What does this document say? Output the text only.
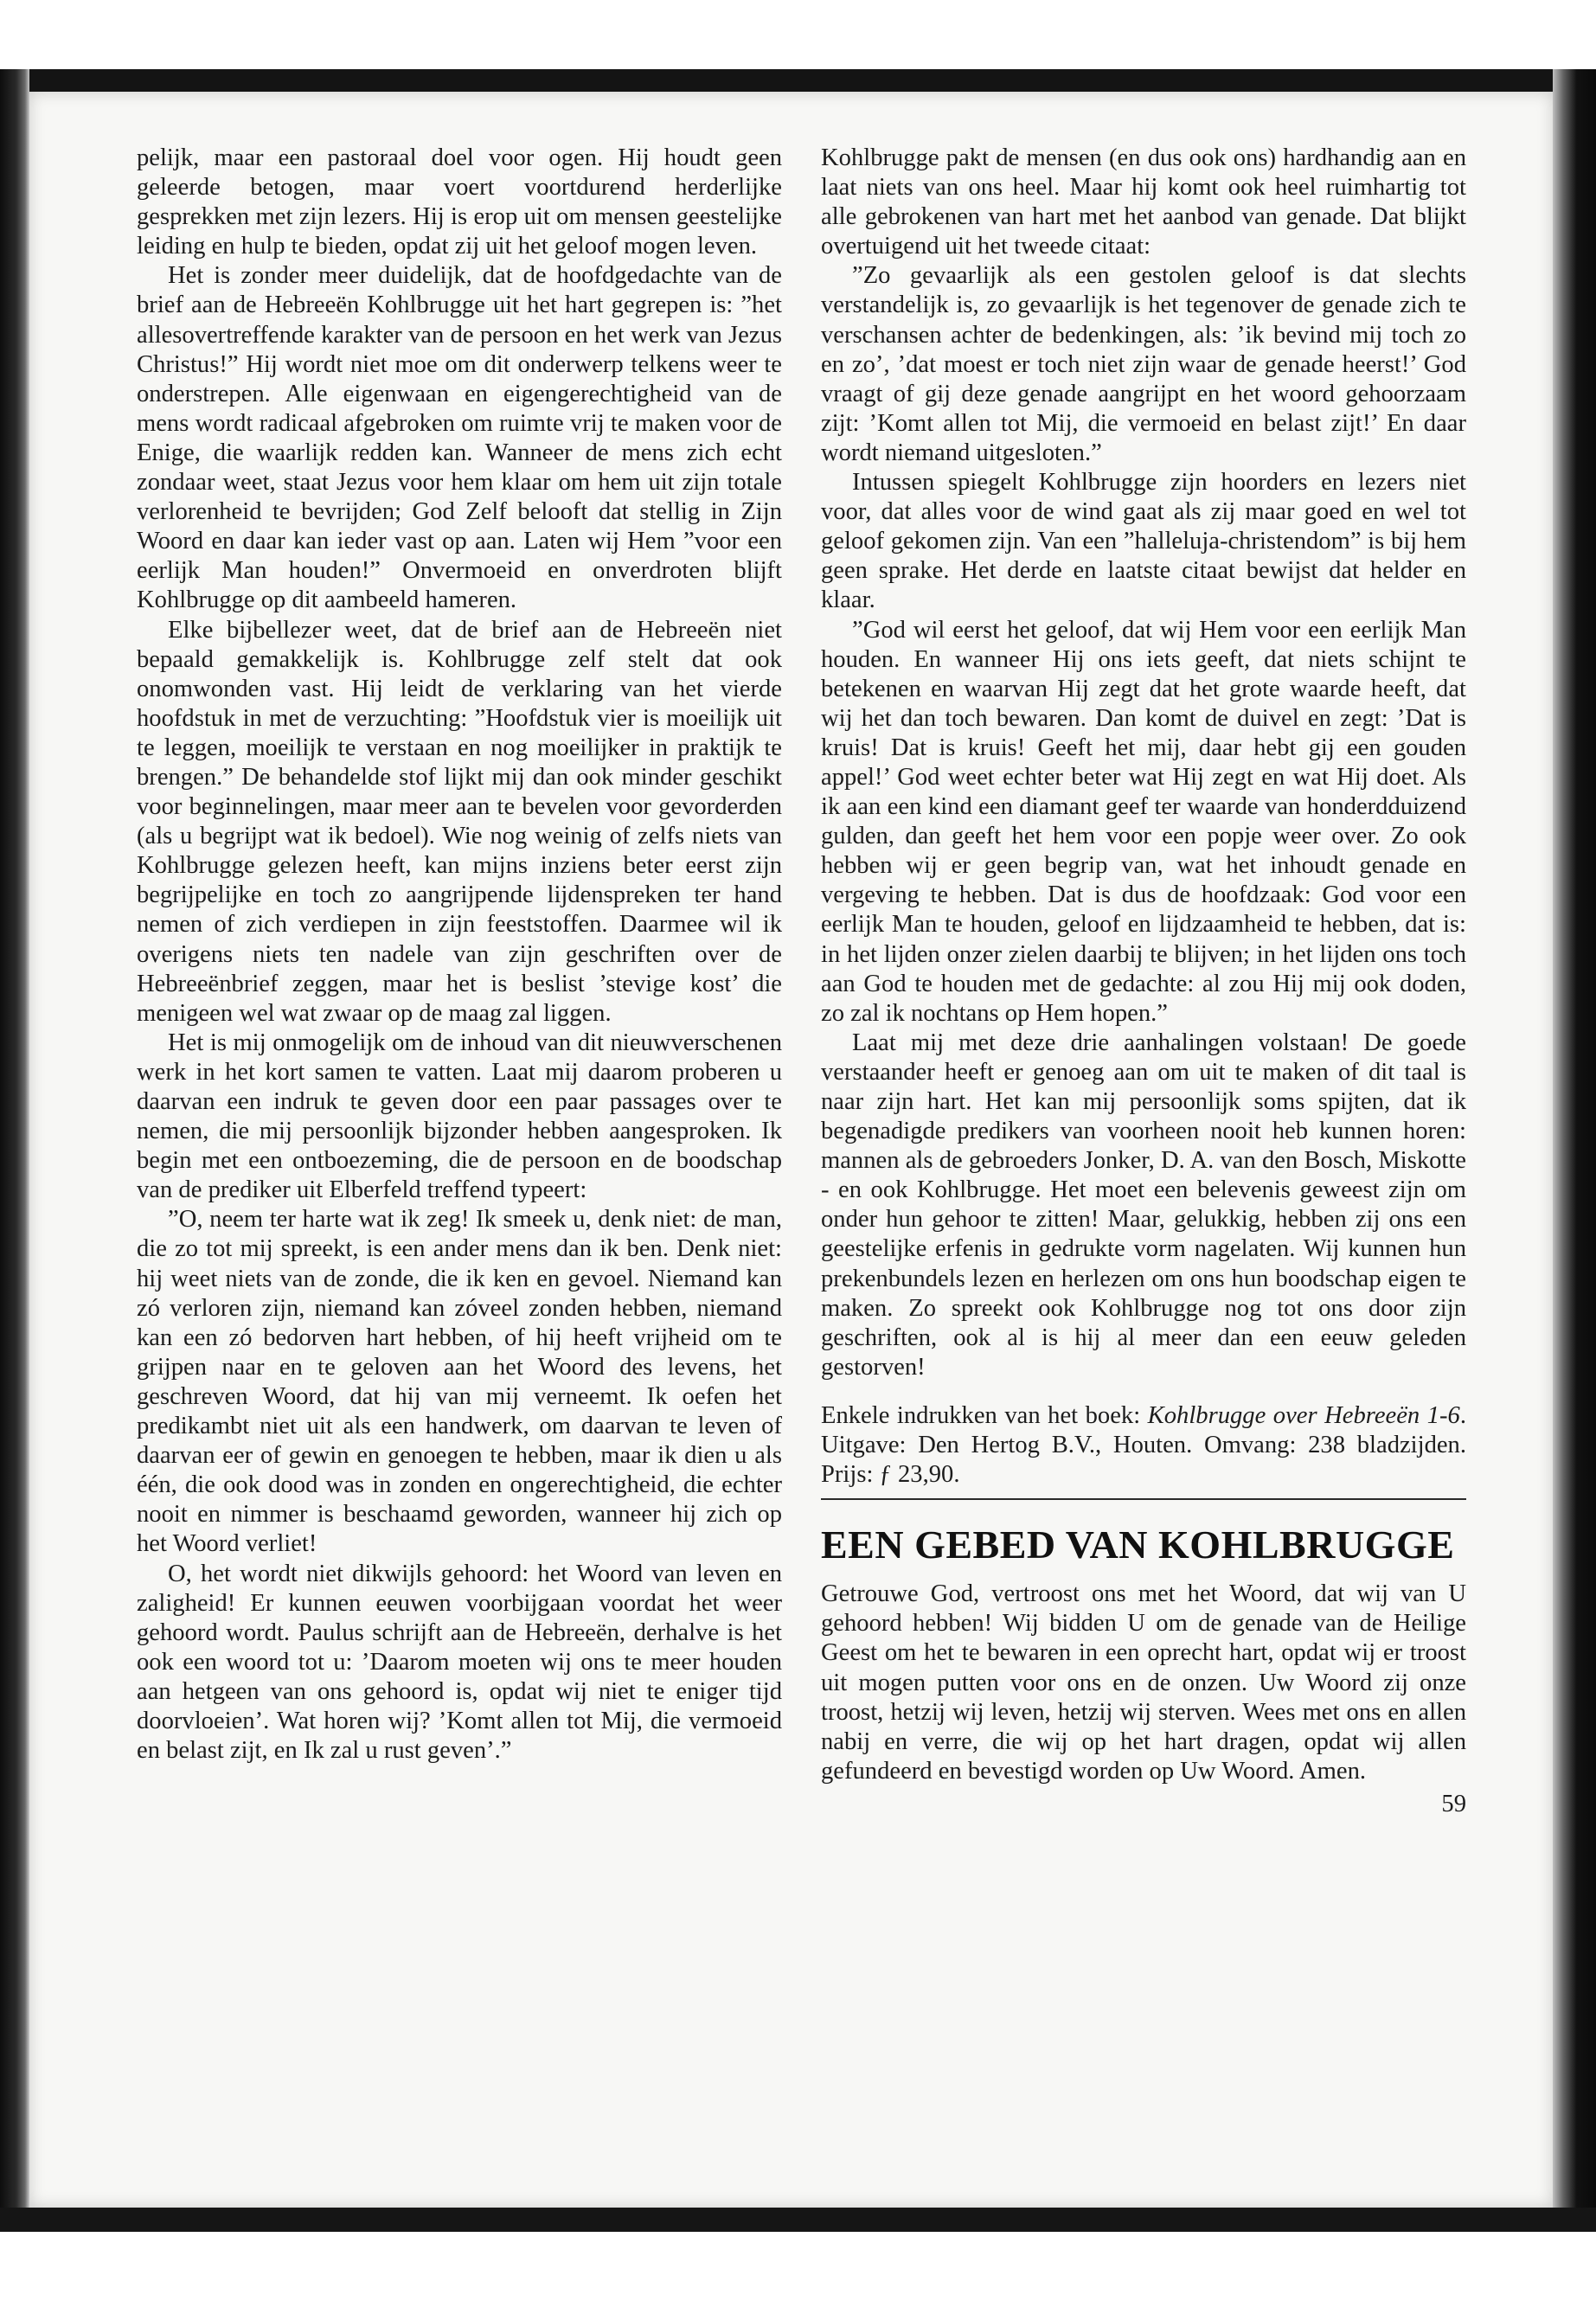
pelijk, maar een pastoraal doel voor ogen. Hij houdt geen geleerde betogen, maar voert voortdurend herderlijke gesprekken met zijn lezers. Hij is erop uit om mensen geestelijke leiding en hulp te bieden, opdat zij uit het geloof mogen leven.

Het is zonder meer duidelijk, dat de hoofdgedachte van de brief aan de Hebreeën Kohlbrugge uit het hart gegrepen is: ”het allesovertreffende karakter van de persoon en het werk van Jezus Christus!” Hij wordt niet moe om dit onderwerp telkens weer te onderstrepen. Alle eigenwaan en eigengerechtigheid van de mens wordt radicaal afgebroken om ruimte vrij te maken voor de Enige, die waarlijk redden kan. Wanneer de mens zich echt zondaar weet, staat Jezus voor hem klaar om hem uit zijn totale verlorenheid te bevrijden; God Zelf belooft dat stellig in Zijn Woord en daar kan ieder vast op aan. Laten wij Hem ”voor een eerlijk Man houden!” Onvermoeid en onverdroten blijft Kohlbrugge op dit aambeeld hameren.

Elke bijbellezer weet, dat de brief aan de Hebreeën niet bepaald gemakkelijk is. Kohlbrugge zelf stelt dat ook onomwonden vast. Hij leidt de verklaring van het vierde hoofdstuk in met de verzuchting: ”Hoofdstuk vier is moeilijk uit te leggen, moeilijk te verstaan en nog moeilijker in praktijk te brengen.” De behandelde stof lijkt mij dan ook minder geschikt voor beginnelingen, maar meer aan te bevelen voor gevorderden (als u begrijpt wat ik bedoel). Wie nog weinig of zelfs niets van Kohlbrugge gelezen heeft, kan mijns inziens beter eerst zijn begrijpelijke en toch zo aangrijpende lijdenspreken ter hand nemen of zich verdiepen in zijn feeststoffen. Daarmee wil ik overigens niets ten nadele van zijn geschriften over de Hebreeënbrief zeggen, maar het is beslist ’stevige kost’ die menigeen wel wat zwaar op de maag zal liggen.

Het is mij onmogelijk om de inhoud van dit nieuwverschenen werk in het kort samen te vatten. Laat mij daarom proberen u daarvan een indruk te geven door een paar passages over te nemen, die mij persoonlijk bijzonder hebben aangesproken. Ik begin met een ontboezeming, die de persoon en de boodschap van de prediker uit Elberfeld treffend typeert:

”O, neem ter harte wat ik zeg! Ik smeek u, denk niet: de man, die zo tot mij spreekt, is een ander mens dan ik ben. Denk niet: hij weet niets van de zonde, die ik ken en gevoel. Niemand kan zó verloren zijn, niemand kan zóveel zonden hebben, niemand kan een zó bedorven hart hebben, of hij heeft vrijheid om te grijpen naar en te geloven aan het Woord des levens, het geschreven Woord, dat hij van mij verneemt. Ik oefen het predikambt niet uit als een handwerk, om daarvan te leven of daarvan eer of gewin en genoegen te hebben, maar ik dien u als één, die ook dood was in zonden en ongerechtigheid, die echter nooit en nimmer is beschaamd geworden, wanneer hij zich op het Woord verliet!

O, het wordt niet dikwijls gehoord: het Woord van leven en zaligheid! Er kunnen eeuwen voorbijgaan voordat het weer gehoord wordt. Paulus schrijft aan de Hebreeën, derhalve is het ook een woord tot u: ’Daarom moeten wij ons te meer houden aan hetgeen van ons gehoord is, opdat wij niet te eniger tijd doorvloeien’. Wat horen wij? ’Komt allen tot Mij, die vermoeid en belast zijt, en Ik zal u rust geven’.”

Kohlbrugge pakt de mensen (en dus ook ons) hardhandig aan en laat niets van ons heel. Maar hij komt ook heel ruimhartig tot alle gebrokenen van hart met het aanbod van genade. Dat blijkt overtuigend uit het tweede citaat:

”Zo gevaarlijk als een gestolen geloof is dat slechts verstandelijk is, zo gevaarlijk is het tegenover de genade zich te verschansen achter de bedenkingen, als: ’ik bevind mij toch zo en zo’, ’dat moest er toch niet zijn waar de genade heerst!’ God vraagt of gij deze genade aangrijpt en het woord gehoorzaam zijt: ’Komt allen tot Mij, die vermoeid en belast zijt!’ En daar wordt niemand uitgesloten.”

Intussen spiegelt Kohlbrugge zijn hoorders en lezers niet voor, dat alles voor de wind gaat als zij maar goed en wel tot geloof gekomen zijn. Van een ”halleluja-christendom” is bij hem geen sprake. Het derde en laatste citaat bewijst dat helder en klaar.

”God wil eerst het geloof, dat wij Hem voor een eerlijk Man houden. En wanneer Hij ons iets geeft, dat niets schijnt te betekenen en waarvan Hij zegt dat het grote waarde heeft, dat wij het dan toch bewaren. Dan komt de duivel en zegt: ’Dat is kruis! Dat is kruis! Geeft het mij, daar hebt gij een gouden appel!’ God weet echter beter wat Hij zegt en wat Hij doet. Als ik aan een kind een diamant geef ter waarde van honderdduizend gulden, dan geeft het hem voor een popje weer over. Zo ook hebben wij er geen begrip van, wat het inhoudt genade en vergeving te hebben. Dat is dus de hoofdzaak: God voor een eerlijk Man te houden, geloof en lijdzaamheid te hebben, dat is: in het lijden onzer zielen daarbij te blijven; in het lijden ons toch aan God te houden met de gedachte: al zou Hij mij ook doden, zo zal ik nochtans op Hem hopen.”

Laat mij met deze drie aanhalingen volstaan! De goede verstaander heeft er genoeg aan om uit te maken of dit taal is naar zijn hart. Het kan mij persoonlijk soms spijten, dat ik begenadigde predikers van voorheen nooit heb kunnen horen: mannen als de gebroeders Jonker, D. A. van den Bosch, Miskotte - en ook Kohlbrugge. Het moet een belevenis geweest zijn om onder hun gehoor te zitten! Maar, gelukkig, hebben zij ons een geestelijke erfenis in gedrukte vorm nagelaten. Wij kunnen hun prekenbundels lezen en herlezen om ons hun boodschap eigen te maken. Zo spreekt ook Kohlbrugge nog tot ons door zijn geschriften, ook al is hij al meer dan een eeuw geleden gestorven!

Enkele indrukken van het boek: Kohlbrugge over Hebreeën 1-6. Uitgave: Den Hertog B.V., Houten. Omvang: 238 bladzijden. Prijs: ƒ 23,90.

EEN GEBED VAN KOHLBRUGGE

Getrouwe God, vertroost ons met het Woord, dat wij van U gehoord hebben! Wij bidden U om de genade van de Heilige Geest om het te bewaren in een oprecht hart, opdat wij er troost uit mogen putten voor ons en de onzen. Uw Woord zij onze troost, hetzij wij leven, hetzij wij sterven. Wees met ons en allen nabij en verre, die wij op het hart dragen, opdat wij allen gefundeerd en bevestigd worden op Uw Woord. Amen.

59
